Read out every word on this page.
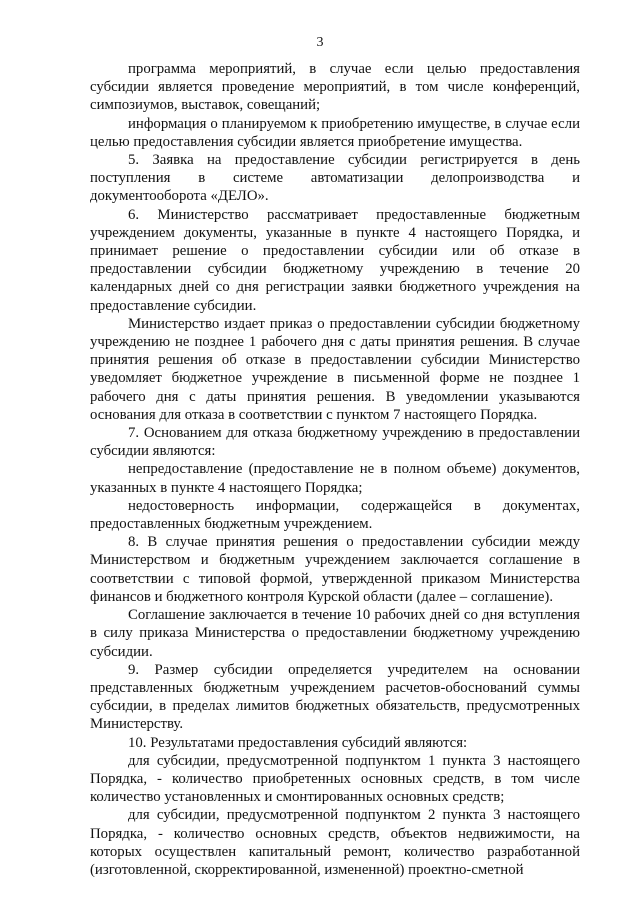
3

программа мероприятий, в случае если целью предоставления субсидии является проведение мероприятий, в том числе конференций, симпозиумов, выставок, совещаний;

информация о планируемом к приобретению имуществе, в случае если целью предоставления субсидии является приобретение имущества.

5. Заявка на предоставление субсидии регистрируется в день поступления в системе автоматизации делопроизводства и документооборота «ДЕЛО».

6. Министерство рассматривает предоставленные бюджетным учреждением документы, указанные в пункте 4 настоящего Порядка, и принимает решение о предоставлении субсидии или об отказе в предоставлении субсидии бюджетному учреждению в течение 20 календарных дней со дня регистрации заявки бюджетного учреждения на предоставление субсидии.

Министерство издает приказ о предоставлении субсидии бюджетному учреждению не позднее 1 рабочего дня с даты принятия решения. В случае принятия решения об отказе в предоставлении субсидии Министерство уведомляет бюджетное учреждение в письменной форме не позднее 1 рабочего дня с даты принятия решения. В уведомлении указываются основания для отказа в соответствии с пунктом 7 настоящего Порядка.

7. Основанием для отказа бюджетному учреждению в предоставлении субсидии являются:

непредоставление (предоставление не в полном объеме) документов, указанных в пункте 4 настоящего Порядка;

недостоверность информации, содержащейся в документах, предоставленных бюджетным учреждением.

8. В случае принятия решения о предоставлении субсидии между Министерством и бюджетным учреждением заключается соглашение в соответствии с типовой формой, утвержденной приказом Министерства финансов и бюджетного контроля Курской области (далее – соглашение).

Соглашение заключается в течение 10 рабочих дней со дня вступления в силу приказа Министерства о предоставлении бюджетному учреждению субсидии.

9. Размер субсидии определяется учредителем на основании представленных бюджетным учреждением расчетов-обоснований суммы субсидии, в пределах лимитов бюджетных обязательств, предусмотренных Министерству.

10. Результатами предоставления субсидий являются:

для субсидии, предусмотренной подпунктом 1 пункта 3 настоящего Порядка, - количество приобретенных основных средств, в том числе количество установленных и смонтированных основных средств;

для субсидии, предусмотренной подпунктом 2 пункта 3 настоящего Порядка, - количество основных средств, объектов недвижимости, на которых осуществлен капитальный ремонт, количество разработанной (изготовленной, скорректированной, измененной) проектно-сметной
